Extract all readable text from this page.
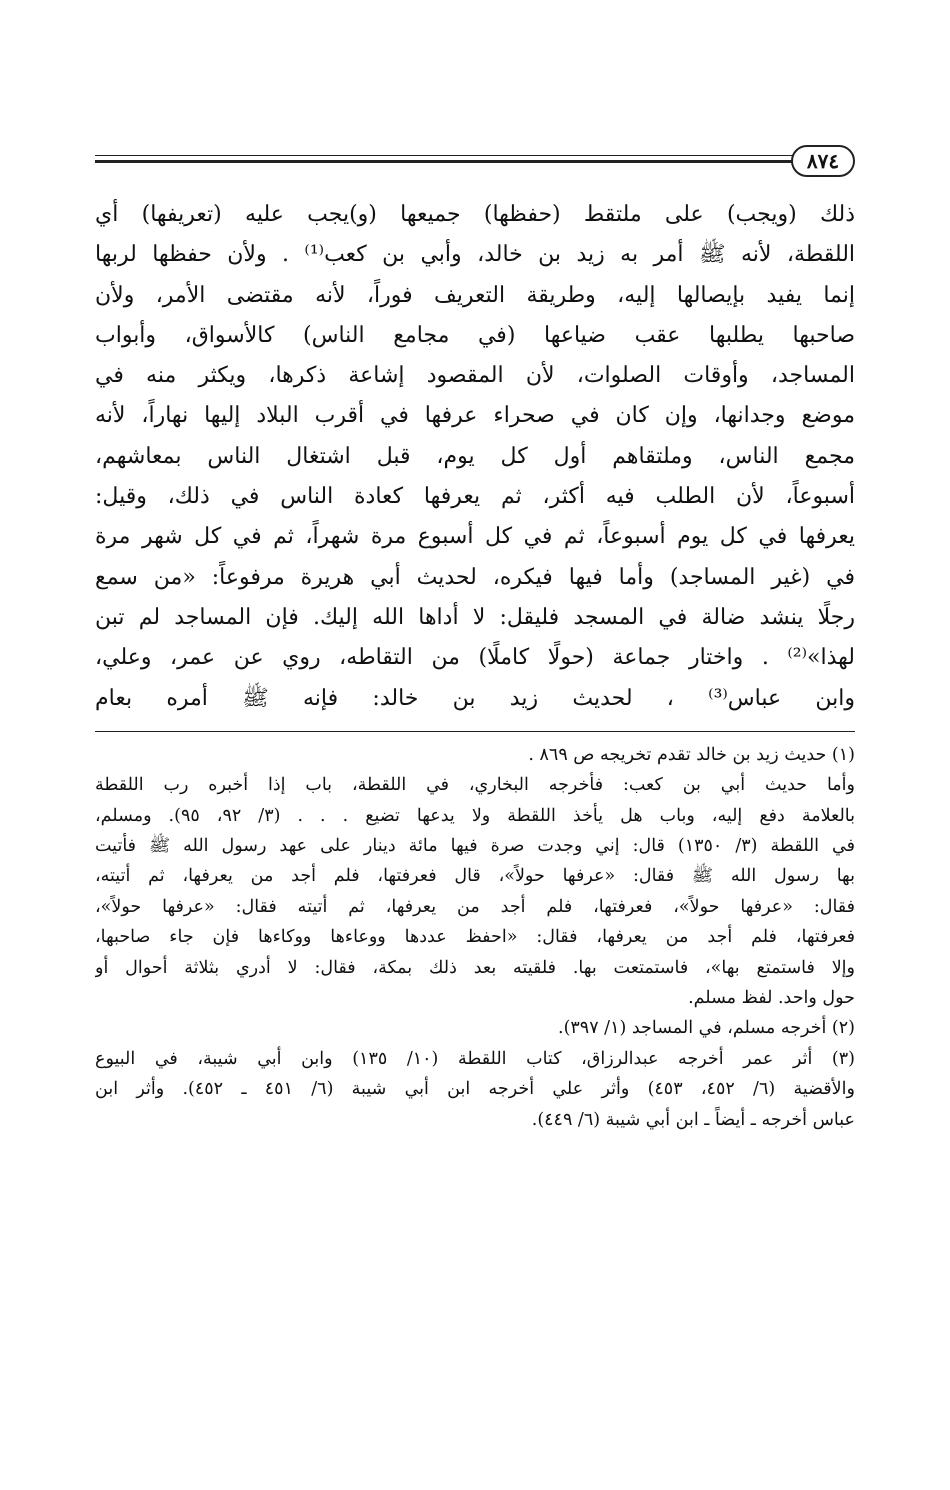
٨٧٤
ذلك (ويجب) على ملتقط (حفظها) جميعها (و)يجب عليه (تعريفها) أي
اللقطة، لأنه ﷺ أمر به زيد بن خالد، وأبي بن كعب⁽¹⁾ . ولأن حفظها لربها
إنما يفيد بإيصالها إليه، وطريقة التعريف فوراً، لأنه مقتضى الأمر، ولأن
صاحبها يطلبها عقب ضياعها (في مجامع الناس) كالأسواق، وأبواب
المساجد، وأوقات الصلوات، لأن المقصود إشاعة ذكرها، ويكثر منه في
موضع وجدانها، وإن كان في صحراء عرفها في أقرب البلاد إليها نهاراً، لأنه
مجمع الناس، وملتقاهم أول كل يوم، قبل اشتغال الناس بمعاشهم،
أسبوعاً، لأن الطلب فيه أكثر، ثم يعرفها كعادة الناس في ذلك، وقيل:
يعرفها في كل يوم أسبوعاً، ثم في كل أسبوع مرة شهراً، ثم في كل شهر مرة
في (غير المساجد) وأما فيها فيكره، لحديث أبي هريرة مرفوعاً: «من سمع
رجلًا ينشد ضالة في المسجد فليقل: لا أداها الله إليك. فإن المساجد لم تبن
لهذا»⁽²⁾ . واختار جماعة (حولًا كاملًا) من التقاطه، روي عن عمر، وعلي،
وابن عباس⁽³⁾ ، لحديث زيد بن خالد: فإنه ﷺ أمره بعام
(١) حديث زيد بن خالد تقدم تخريجه ص ٨٦٩ .
وأما حديث أبي بن كعب: فأخرجه البخاري، في اللقطة، باب إذا أخبره رب اللقطة
بالعلامة دفع إليه، وباب هل يأخذ اللقطة ولا يدعها تضيع . . . (٣/ ٩٢، ٩٥). ومسلم،
في اللقطة (٣/ ١٣٥٠) قال: إني وجدت صرة فيها مائة دينار على عهد رسول الله ﷺ فأتيت
بها رسول الله ﷺ فقال: «عرفها حولاً»، قال فعرفتها، فلم أجد من يعرفها، ثم أتيته،
فقال: «عرفها حولاً»، فعرفتها، فلم أجد من يعرفها، ثم أتيته فقال: «عرفها حولاً»،
فعرفتها، فلم أجد من يعرفها، فقال: «احفظ عددها ووعاءها ووكاءها فإن جاء صاحبها،
وإلا فاستمتع بها»، فاستمتعت بها. فلقيته بعد ذلك بمكة، فقال: لا أدري بثلاثة أحوال أو
حول واحد. لفظ مسلم.
(٢) أخرجه مسلم، في المساجد (١/ ٣٩٧).
(٣) أثر عمر أخرجه عبدالرزاق، كتاب اللقطة (١٠/ ١٣٥) وابن أبي شيبة، في البيوع
والأقضية (٦/ ٤٥٢، ٤٥٣) وأثر علي أخرجه ابن أبي شيبة (٦/ ٤٥١ ـ ٤٥٢). وأثر ابن
عباس أخرجه ـ أيضاً ـ ابن أبي شيبة (٦/ ٤٤٩).
